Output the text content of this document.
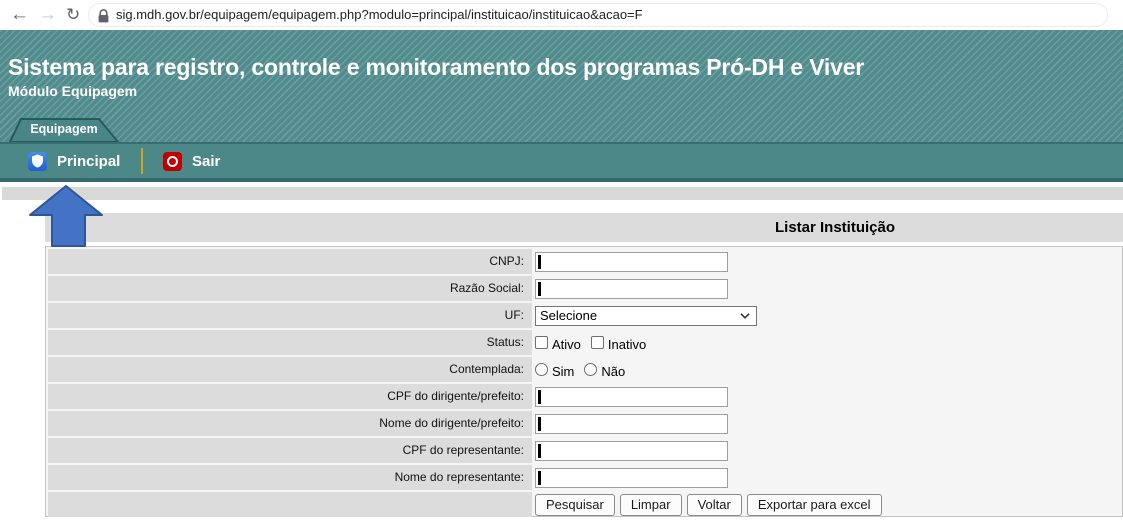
← → ↻	sig.mdh.gov.br/equipagem/equipagem.php?modulo=principal/instituicao/instituicao&acao=F
Sistema para registro, controle e monitoramento dos programas Pró-DH e Viver
Módulo Equipagem
Equipagem
Principal	Sair
Listar Instituição
CNPJ:
Razão Social:
UF:	Selecione
Status:	Ativo Inativo
Contemplada:	Sim Não
CPF do dirigente/prefeito:
Nome do dirigente/prefeito:
CPF do representante:
Nome do representante:
Pesquisar	Limpar	Voltar	Exportar para excel
